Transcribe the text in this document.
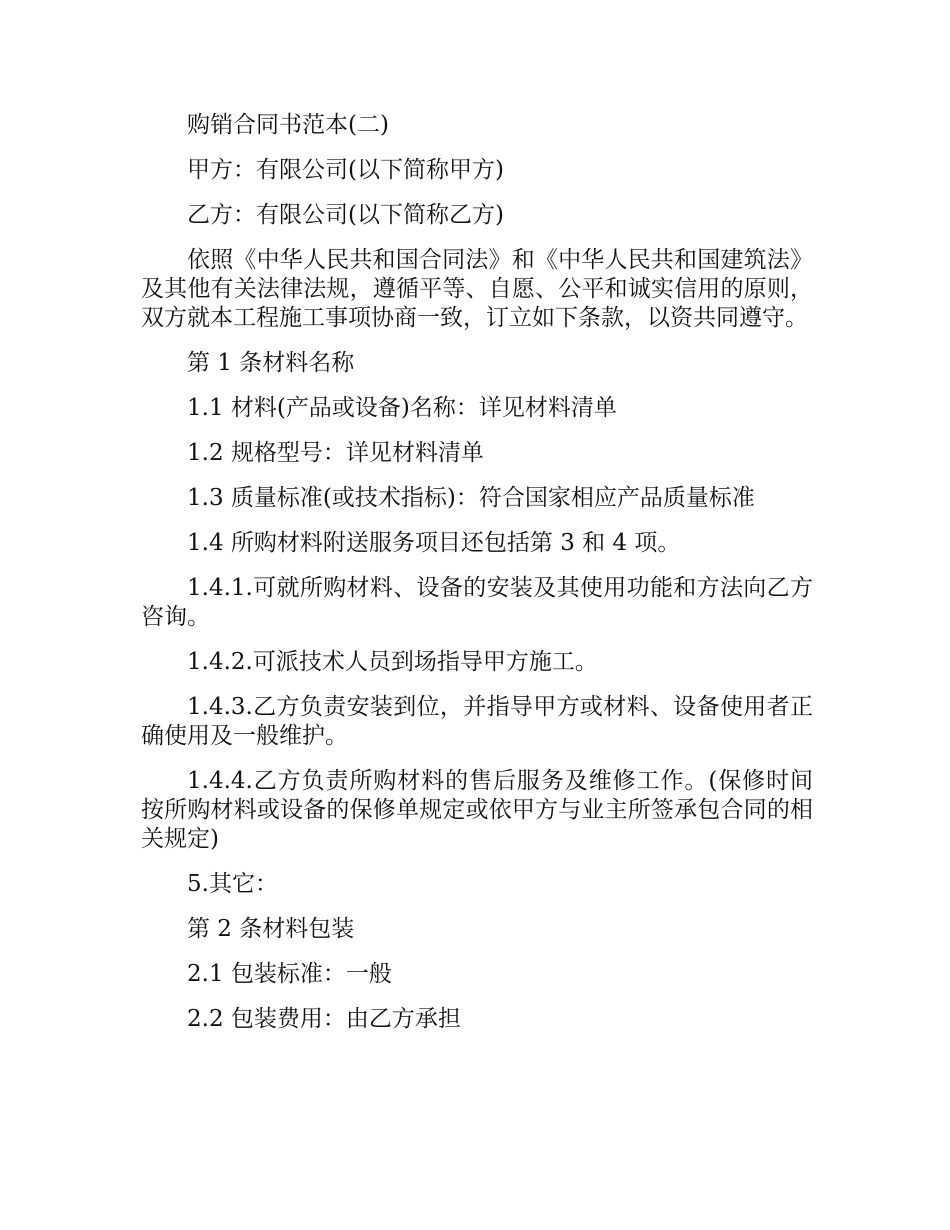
购销合同书范本(二)

甲方：有限公司(以下简称甲方)

乙方：有限公司(以下简称乙方)

依照《中华人民共和国合同法》和《中华人民共和国建筑法》及其他有关法律法规，遵循平等、自愿、公平和诚实信用的原则，双方就本工程施工事项协商一致，订立如下条款，以资共同遵守。

第 1 条材料名称

1.1 材料(产品或设备)名称：详见材料清单

1.2 规格型号：详见材料清单

1.3 质量标准(或技术指标)：符合国家相应产品质量标准

1.4 所购材料附送服务项目还包括第 3 和 4 项。

1.4.1.可就所购材料、设备的安装及其使用功能和方法向乙方咨询。

1.4.2.可派技术人员到场指导甲方施工。

1.4.3.乙方负责安装到位，并指导甲方或材料、设备使用者正确使用及一般维护。

1.4.4.乙方负责所购材料的售后服务及维修工作。(保修时间按所购材料或设备的保修单规定或依甲方与业主所签承包合同的相关规定)

5.其它：

第 2 条材料包装

2.1 包装标准：一般

2.2 包装费用：由乙方承担
